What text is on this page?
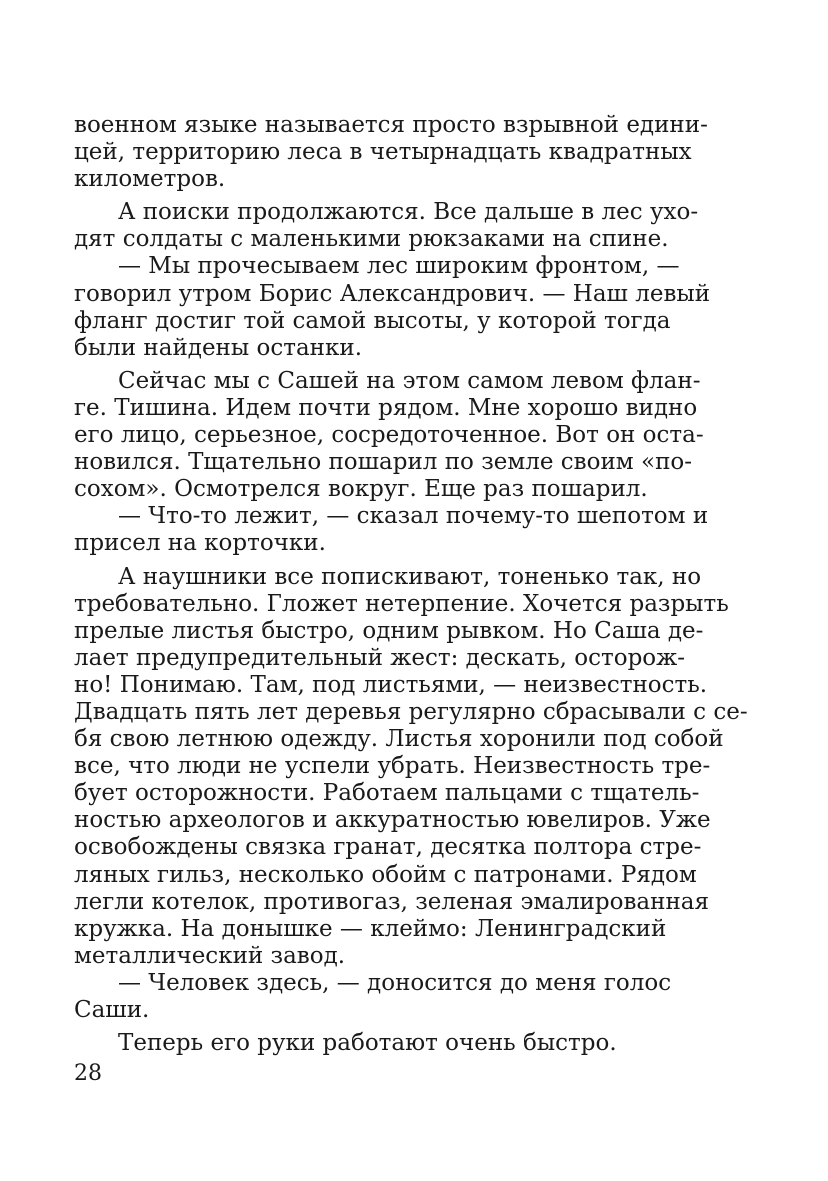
военном языке называется просто взрывной едини-
цей, территорию леса в четырнадцать квадратных
километров.

А поиски продолжаются. Все дальше в лес ухо-
дят солдаты с маленькими рюкзаками на спине.

— Мы прочесываем лес широким фронтом, —
говорил утром Борис Александрович. — Наш левый
фланг достиг той самой высоты, у которой тогда
были найдены останки.

Сейчас мы с Сашей на этом самом левом флан-
ге. Тишина. Идем почти рядом. Мне хорошо видно
его лицо, серьезное, сосредоточенное. Вот он оста-
новился. Тщательно пошарил по земле своим «по-
сохом». Осмотрелся вокруг. Еще раз пошарил.

— Что-то лежит, — сказал почему-то шепотом и
присел на корточки.

А наушники все попискивают, тоненько так, но
требовательно. Гложет нетерпение. Хочется разрыть
прелые листья быстро, одним рывком. Но Саша де-
лает предупредительный жест: дескать, осторож-
но! Понимаю. Там, под листьями, — неизвестность.
Двадцать пять лет деревья регулярно сбрасывали с се-
бя свою летнюю одежду. Листья хоронили под собой
все, что люди не успели убрать. Неизвестность тре-
бует осторожности. Работаем пальцами с тщатель-
ностью археологов и аккуратностью ювелиров. Уже
освобождены связка гранат, десятка полтора стре-
ляных гильз, несколько обойм с патронами. Рядом
легли котелок, противогаз, зеленая эмалированная
кружка. На донышке — клеймо: Ленинградский
металлический завод.

— Человек здесь, — доносится до меня голос
Саши.

Теперь его руки работают очень быстро.

28
